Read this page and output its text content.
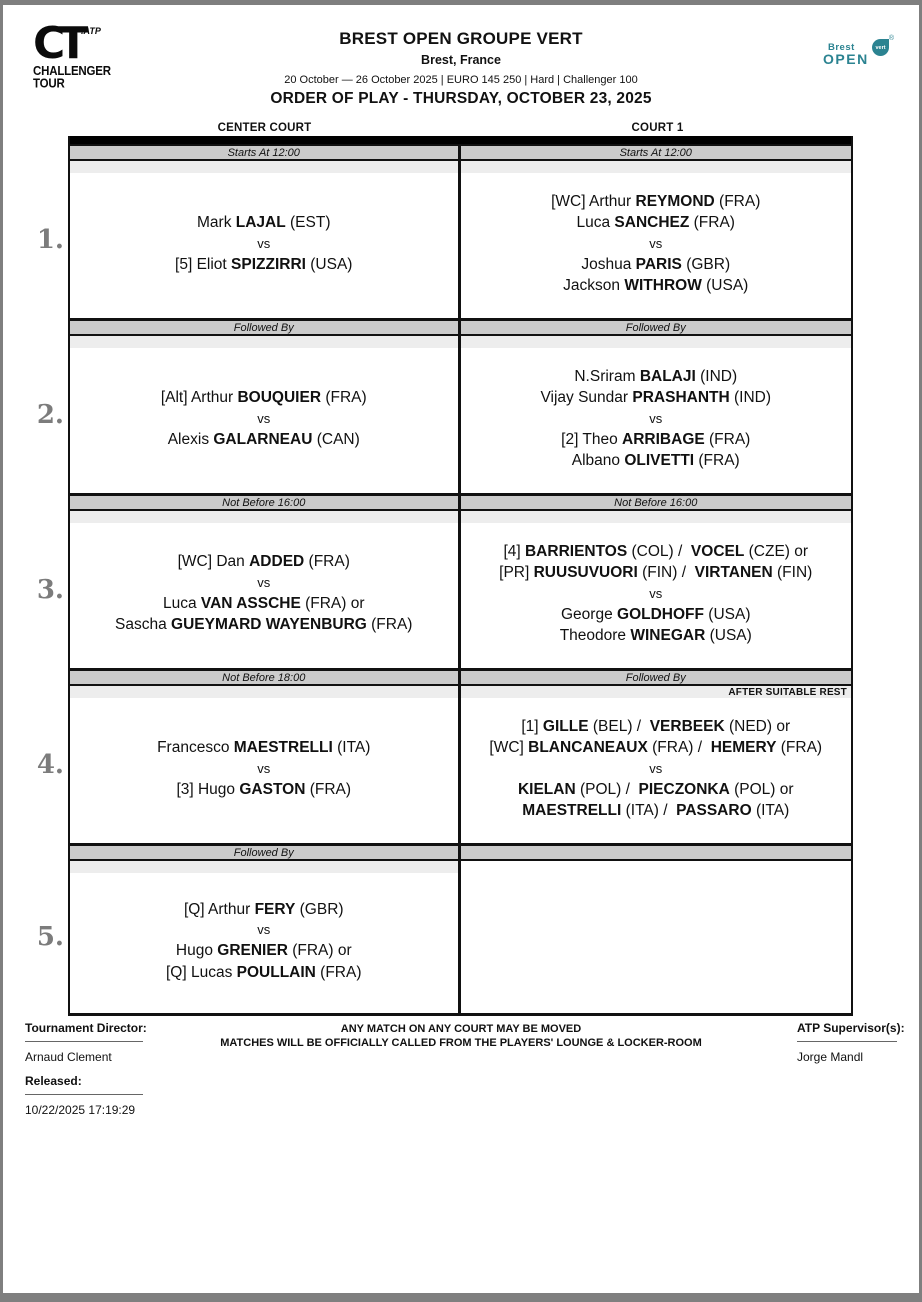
CT .ATP
CHALLENGER
TOUR
BREST OPEN GROUPE VERT
Brest, France
20 October — 26 October 2025 | EURO 145 250 | Hard | Challenger 100
®
vert
Brest
OPEN
ORDER OF PLAY - THURSDAY, OCTOBER 23, 2025
CENTER COURT	COURT 1
1.
Starts At 12:00
Mark LAJAL (EST)
vs
[5] Eliot SPIZZIRRI (USA)
Starts At 12:00
[WC] Arthur REYMOND (FRA)
Luca SANCHEZ (FRA)
vs
Joshua PARIS (GBR)
Jackson WITHROW (USA)
2.
Followed By
[Alt] Arthur BOUQUIER (FRA)
vs
Alexis GALARNEAU (CAN)
Followed By
N.Sriram BALAJI (IND)
Vijay Sundar PRASHANTH (IND)
vs
[2] Theo ARRIBAGE (FRA)
Albano OLIVETTI (FRA)
3.
Not Before 16:00
[WC] Dan ADDED (FRA)
vs
Luca VAN ASSCHE (FRA) or
Sascha GUEYMARD WAYENBURG (FRA)
Not Before 16:00
[4] BARRIENTOS (COL) /  VOCEL (CZE) or
[PR] RUUSUVUORI (FIN) /  VIRTANEN (FIN)
vs
George GOLDHOFF (USA)
Theodore WINEGAR (USA)
4.
Not Before 18:00
Francesco MAESTRELLI (ITA)
vs
[3] Hugo GASTON (FRA)
Followed By
AFTER SUITABLE REST
[1] GILLE (BEL) /  VERBEEK (NED) or
[WC] BLANCANEAUX (FRA) /  HEMERY (FRA)
vs
KIELAN (POL) /  PIECZONKA (POL) or
MAESTRELLI (ITA) /  PASSARO (ITA)
5.
Followed By
[Q] Arthur FERY (GBR)
vs
Hugo GRENIER (FRA) or
[Q] Lucas POULLAIN (FRA)
Tournament Director:
Arnaud Clement
Released:
10/22/2025 17:19:29
ANY MATCH ON ANY COURT MAY BE MOVED
MATCHES WILL BE OFFICIALLY CALLED FROM THE PLAYERS' LOUNGE & LOCKER-ROOM
ATP Supervisor(s):
Jorge Mandl
